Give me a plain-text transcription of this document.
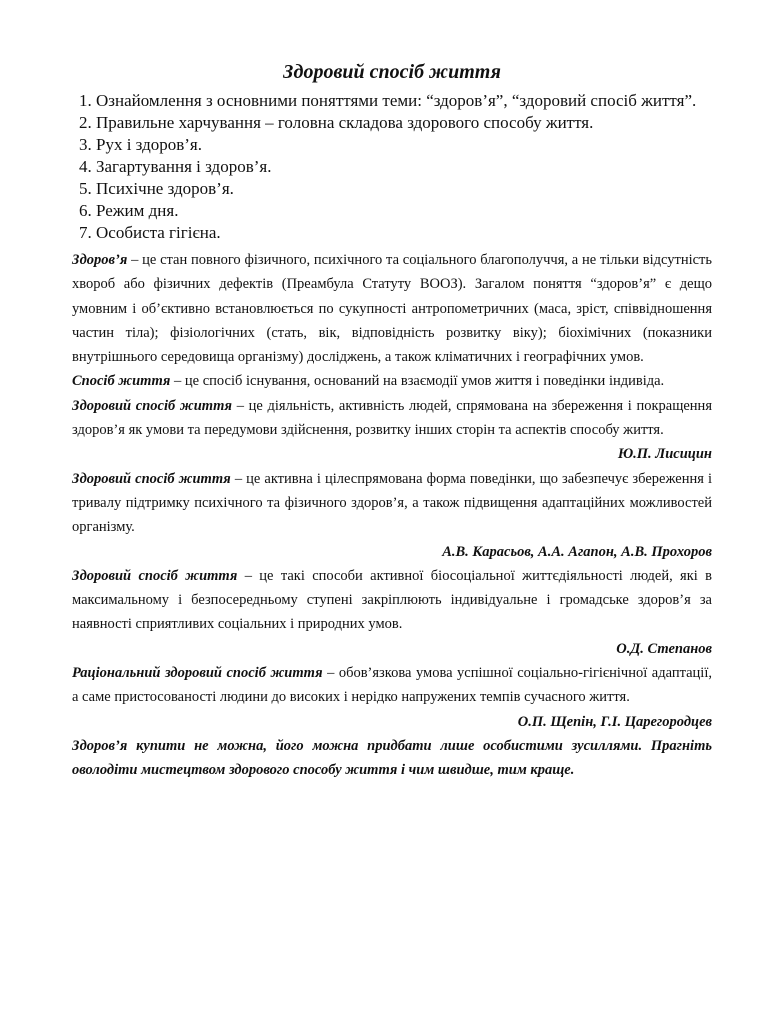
Здоровий спосіб життя
1. Ознайомлення з основними поняттями теми: “здоров’я”, “здоровий спосіб життя”.
2. Правильне харчування – головна складова здорового способу життя.
3. Рух і здоров’я.
4. Загартування і здоров’я.
5. Психічне здоров’я.
6. Режим дня.
7. Особиста гігієна.

Здоров’я – це стан повного фізичного, психічного та соціального благополуччя, а не тільки відсутність хвороб або фізичних дефектів (Преамбула Статуту ВООЗ). Загалом поняття “здоров’я” є дещо умовним і об’єктивно встановлюється по сукупності антропометричних (маса, зріст, співвідношення частин тіла); фізіологічних (стать, вік, відповідність розвитку віку); біохімічних (показники внутрішнього середовища організму) досліджень, а також кліматичних і географічних умов.

Спосіб життя – це спосіб існування, оснований на взаємодії умов життя і поведінки індивіда.

Здоровий спосіб життя – це діяльність, активність людей, спрямована на збереження і покращення здоров’я як умови та передумови здійснення, розвитку інших сторін та аспектів способу життя.

Ю.П. Лисицин

Здоровий спосіб життя – це активна і цілеспрямована форма поведінки, що забезпечує збереження і тривалу підтримку психічного та фізичного здоров’я, а також підвищення адаптаційних можливостей організму.

А.В. Карасьов, А.А. Агапон, А.В. Прохоров

Здоровий спосіб життя – це такі способи активної біосоціальної життєдіяльності людей, які в максимальному і безпосередньому ступені закріплюють індивідуальне і громадське здоров’я за наявності сприятливих соціальних і природних умов.

О.Д. Степанов

Раціональний здоровий спосіб життя – обов’язкова умова успішної соціально-гігієнічної адаптації, а саме пристосованості людини до високих і нерідко напружених темпів сучасного життя.

О.П. Щепін, Г.І. Царегородцев

Здоров’я купити не можна, його можна придбати лише особистими зусиллями. Прагніть оволодіти мистецтвом здорового способу життя і чим швидше, тим краще.
